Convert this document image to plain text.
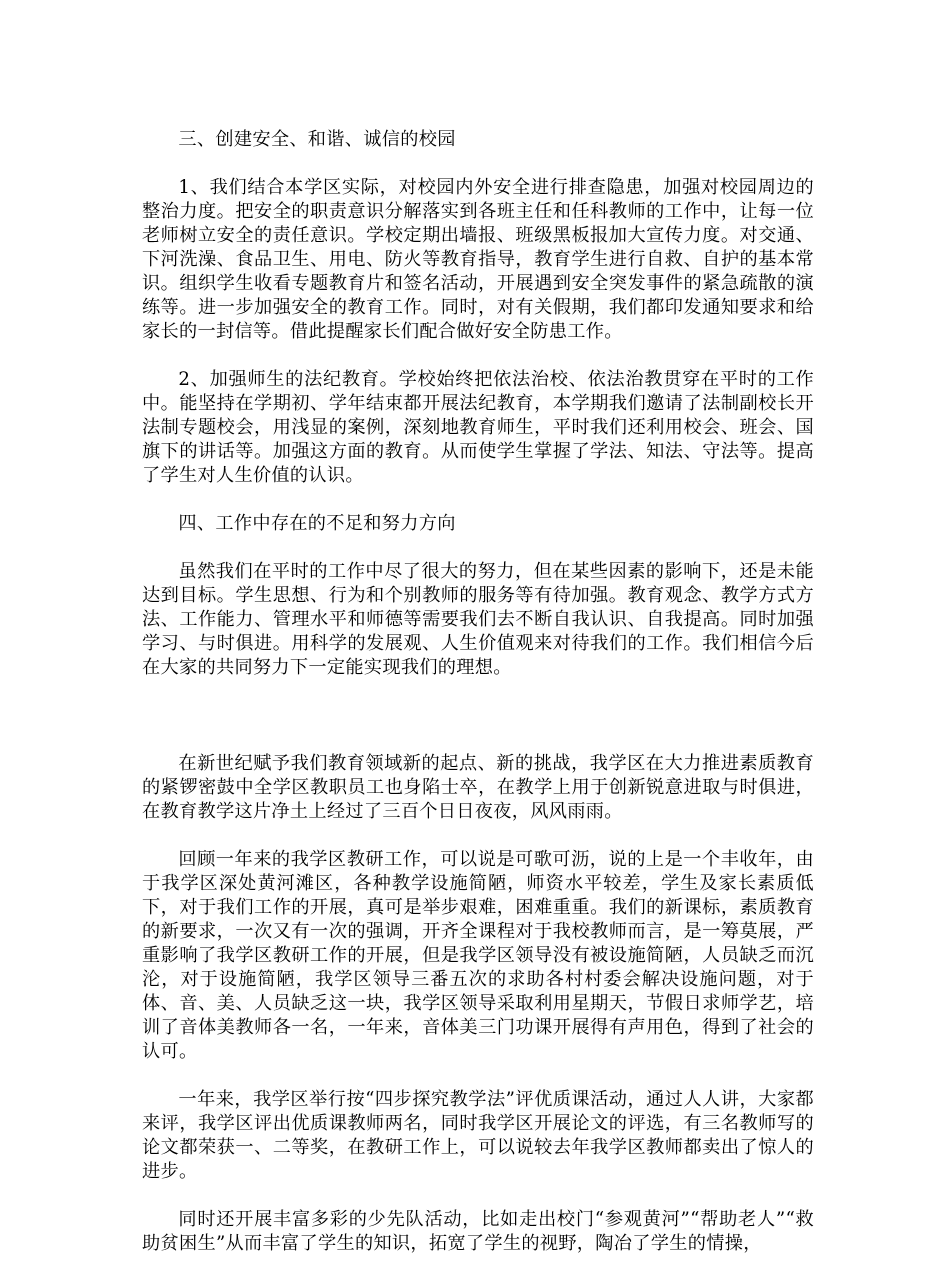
三、创建安全、和谐、诚信的校园

1、我们结合本学区实际，对校园内外安全进行排查隐患，加强对校园周边的整治力度。把安全的职责意识分解落实到各班主任和任科教师的工作中，让每一位老师树立安全的责任意识。学校定期出墙报、班级黑板报加大宣传力度。对交通、下河洗澡、食品卫生、用电、防火等教育指导，教育学生进行自救、自护的基本常识。组织学生收看专题教育片和签名活动，开展遇到安全突发事件的紧急疏散的演练等。进一步加强安全的教育工作。同时，对有关假期，我们都印发通知要求和给家长的一封信等。借此提醒家长们配合做好安全防患工作。

2、加强师生的法纪教育。学校始终把依法治校、依法治教贯穿在平时的工作中。能坚持在学期初、学年结束都开展法纪教育，本学期我们邀请了法制副校长开法制专题校会，用浅显的案例，深刻地教育师生，平时我们还利用校会、班会、国旗下的讲话等。加强这方面的教育。从而使学生掌握了学法、知法、守法等。提高了学生对人生价值的认识。

四、工作中存在的不足和努力方向

虽然我们在平时的工作中尽了很大的努力，但在某些因素的影响下，还是未能达到目标。学生思想、行为和个别教师的服务等有待加强。教育观念、教学方式方法、工作能力、管理水平和师德等需要我们去不断自我认识、自我提高。同时加强学习、与时俱进。用科学的发展观、人生价值观来对待我们的工作。我们相信今后在大家的共同努力下一定能实现我们的理想。

在新世纪赋予我们教育领域新的起点、新的挑战，我学区在大力推进素质教育的紧锣密鼓中全学区教职员工也身陷士卒，在教学上用于创新锐意进取与时俱进，在教育教学这片净土上经过了三百个日日夜夜，风风雨雨。

回顾一年来的我学区教研工作，可以说是可歌可沥，说的上是一个丰收年，由于我学区深处黄河滩区，各种教学设施简陋，师资水平较差，学生及家长素质低下，对于我们工作的开展，真可是举步艰难，困难重重。我们的新课标，素质教育的新要求，一次又有一次的强调，开齐全课程对于我校教师而言，是一筹莫展，严重影响了我学区教研工作的开展，但是我学区领导没有被设施简陋，人员缺乏而沉沦，对于设施简陋，我学区领导三番五次的求助各村村委会解决设施问题，对于体、音、美、人员缺乏这一块，我学区领导采取利用星期天，节假日求师学艺，培训了音体美教师各一名，一年来，音体美三门功课开展得有声用色，得到了社会的认可。

一年来，我学区举行按“四步探究教学法”评优质课活动，通过人人讲，大家都来评，我学区评出优质课教师两名，同时我学区开展论文的评选，有三名教师写的论文都荣获一、二等奖，在教研工作上，可以说较去年我学区教师都卖出了惊人的进步。

同时还开展丰富多彩的少先队活动，比如走出校门“参观黄河”“帮助老人”“救助贫困生”从而丰富了学生的知识，拓宽了学生的视野，陶冶了学生的情操，
